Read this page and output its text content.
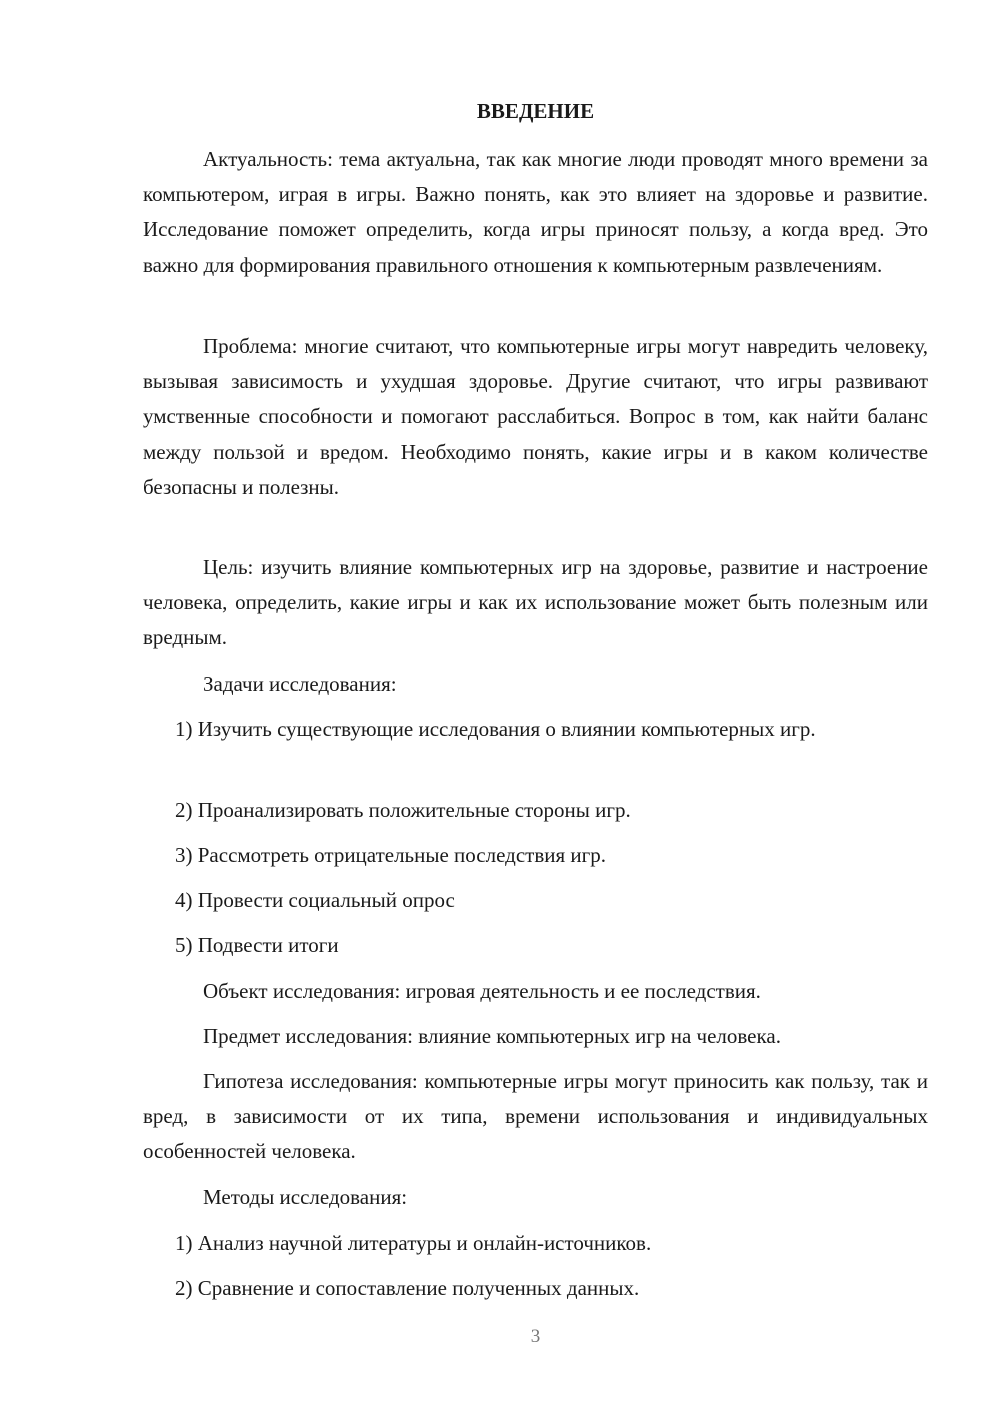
ВВЕДЕНИЕ

Актуальность: тема актуальна, так как многие люди проводят много времени за компьютером, играя в игры. Важно понять, как это влияет на здоровье и развитие. Исследование поможет определить, когда игры приносят пользу, а когда вред. Это важно для формирования правильного отношения к компьютерным развлечениям.

Проблема: многие считают, что компьютерные игры могут навредить человеку, вызывая зависимость и ухудшая здоровье. Другие считают, что игры развивают умственные способности и помогают расслабиться. Вопрос в том, как найти баланс между пользой и вредом. Необходимо понять, какие игры и в каком количестве безопасны и полезны.

Цель: изучить влияние компьютерных игр на здоровье, развитие и настроение человека, определить, какие игры и как их использование может быть полезным или вредным.

Задачи исследования:

1) Изучить существующие исследования о влиянии компьютерных игр.

2) Проанализировать положительные стороны игр.

3) Рассмотреть отрицательные последствия игр.

4) Провести социальный опрос

5) Подвести итоги

Объект исследования: игровая деятельность и ее последствия.

Предмет исследования: влияние компьютерных игр на человека.

Гипотеза исследования: компьютерные игры могут приносить как пользу, так и вред, в зависимости от их типа, времени использования и индивидуальных особенностей человека.

Методы исследования:

1) Анализ научной литературы и онлайн-источников.

2) Сравнение и сопоставление полученных данных.

3
